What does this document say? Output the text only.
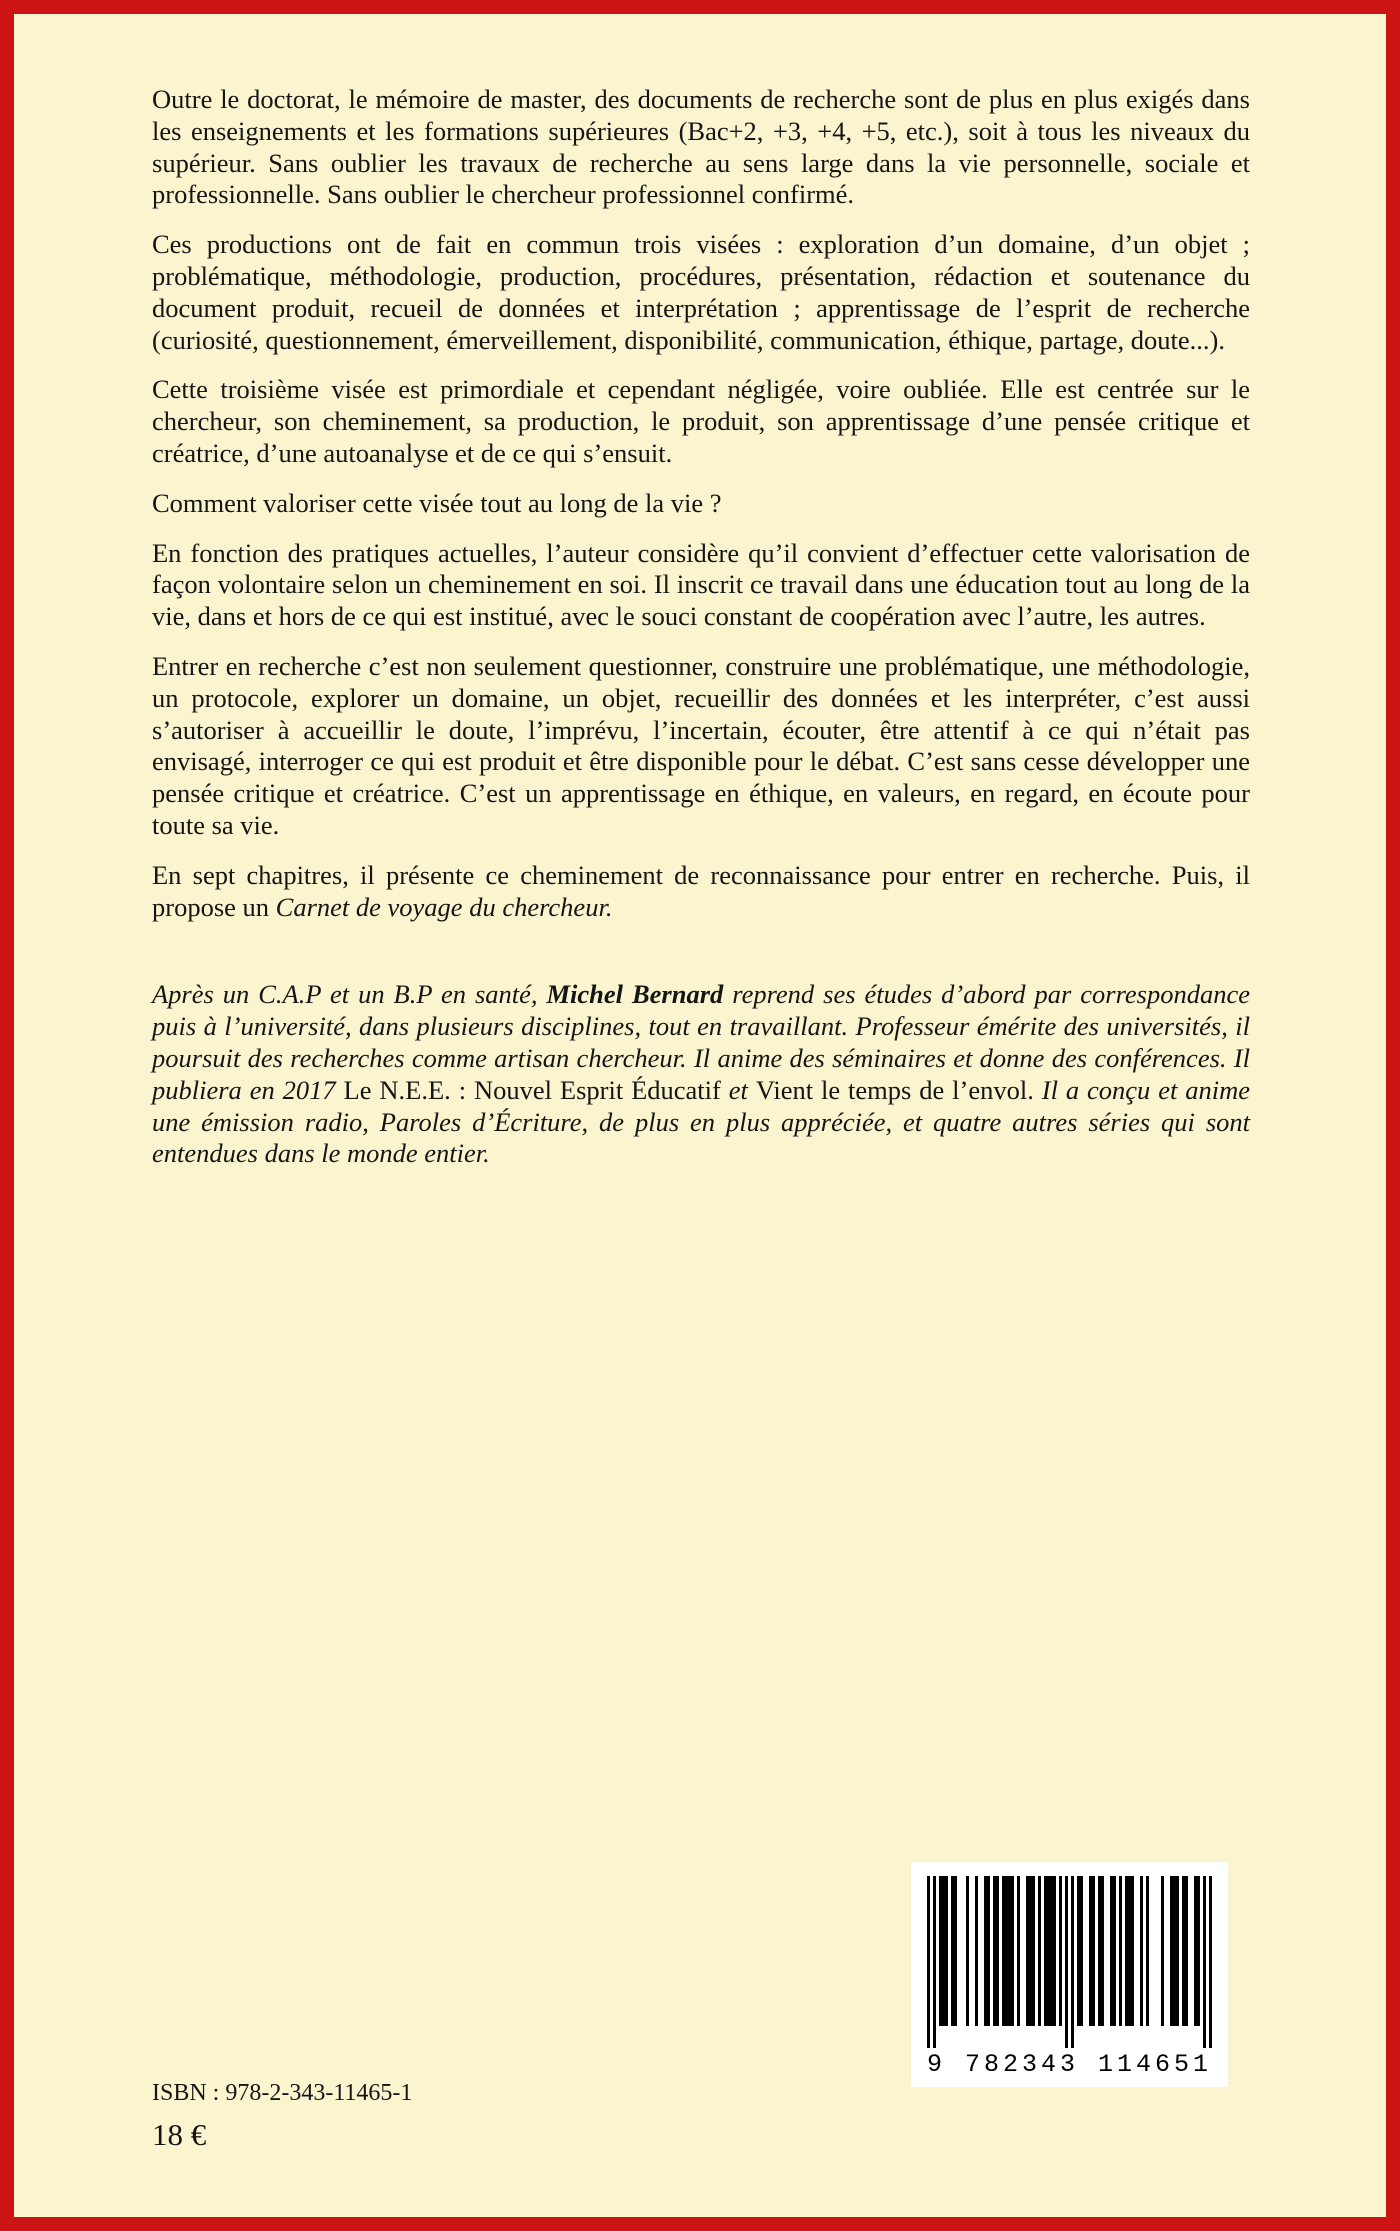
Outre le doctorat, le mémoire de master, des documents de recherche sont de plus en plus exigés dans les enseignements et les formations supérieures (Bac+2, +3, +4, +5, etc.), soit à tous les niveaux du supérieur. Sans oublier les travaux de recherche au sens large dans la vie personnelle, sociale et professionnelle. Sans oublier le chercheur professionnel confirmé.

Ces productions ont de fait en commun trois visées : exploration d’un domaine, d’un objet ; problématique, méthodologie, production, procédures, présentation, rédaction et soutenance du document produit, recueil de données et interprétation ; apprentissage de l’esprit de recherche (curiosité, questionnement, émerveillement, disponibilité, communication, éthique, partage, doute...).

Cette troisième visée est primordiale et cependant négligée, voire oubliée. Elle est centrée sur le chercheur, son cheminement, sa production, le produit, son apprentissage d’une pensée critique et créatrice, d’une autoanalyse et de ce qui s’ensuit.

Comment valoriser cette visée tout au long de la vie ?

En fonction des pratiques actuelles, l’auteur considère qu’il convient d’effectuer cette valorisation de façon volontaire selon un cheminement en soi. Il inscrit ce travail dans une éducation tout au long de la vie, dans et hors de ce qui est institué, avec le souci constant de coopération avec l’autre, les autres.

Entrer en recherche c’est non seulement questionner, construire une problématique, une méthodologie, un protocole, explorer un domaine, un objet, recueillir des données et les interpréter, c’est aussi s’autoriser à accueillir le doute, l’imprévu, l’incertain, écouter, être attentif à ce qui n’était pas envisagé, interroger ce qui est produit et être disponible pour le débat. C’est sans cesse développer une pensée critique et créatrice. C’est un apprentissage en éthique, en valeurs, en regard, en écoute pour toute sa vie.

En sept chapitres, il présente ce cheminement de reconnaissance pour entrer en recherche. Puis, il propose un Carnet de voyage du chercheur.

Après un C.A.P et un B.P en santé, Michel Bernard reprend ses études d’abord par correspondance puis à l’université, dans plusieurs disciplines, tout en travaillant. Professeur émérite des universités, il poursuit des recherches comme artisan chercheur. Il anime des séminaires et donne des conférences. Il publiera en 2017 Le N.E.E. : Nouvel Esprit Éducatif et Vient le temps de l’envol. Il a conçu et anime une émission radio, Paroles d’Écriture, de plus en plus appréciée, et quatre autres séries qui sont entendues dans le monde entier.

9 782343 114651
ISBN : 978-2-343-11465-1
18 €
